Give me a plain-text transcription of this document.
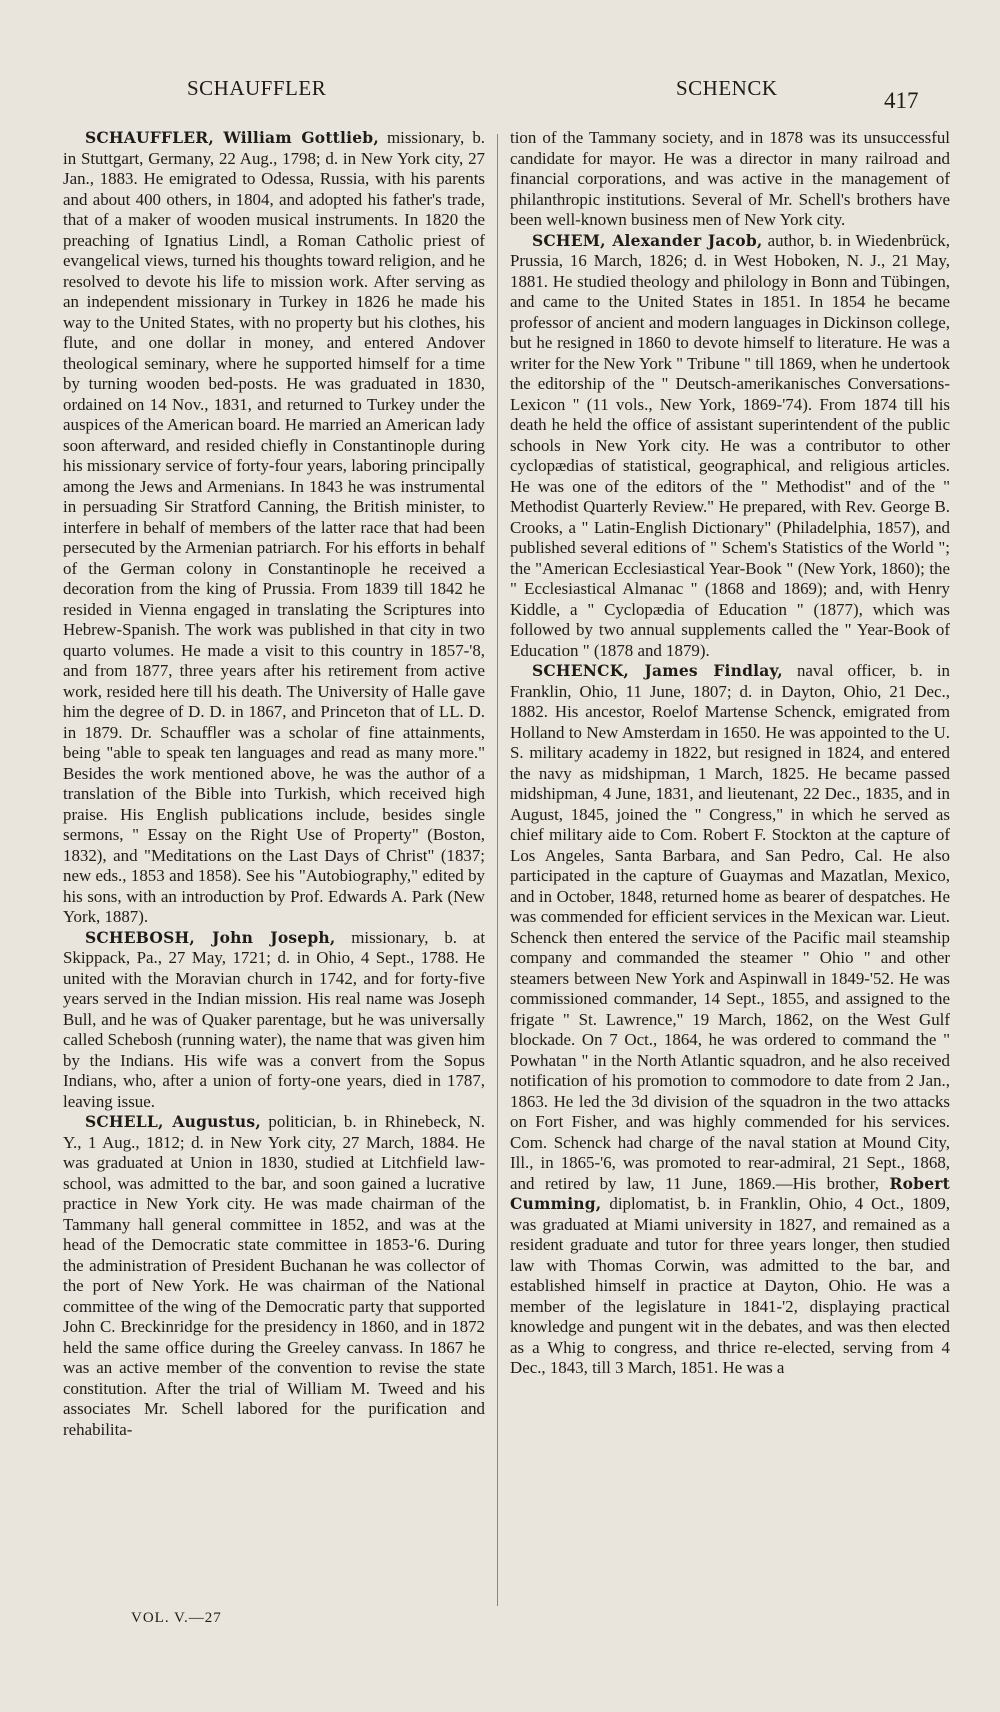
SCHAUFFLER	SCHENCK	417

SCHAUFFLER, William Gottlieb, missionary, b. in Stuttgart, Germany, 22 Aug., 1798; d. in New York city, 27 Jan., 1883. He emigrated to Odessa, Russia, with his parents and about 400 others, in 1804, and adopted his father's trade, that of a maker of wooden musical instruments. In 1820 the preaching of Ignatius Lindl, a Roman Catholic priest of evangelical views, turned his thoughts toward religion, and he resolved to devote his life to mission work. After serving as an independent missionary in Turkey in 1826 he made his way to the United States, with no property but his clothes, his flute, and one dollar in money, and entered Andover theological seminary, where he supported himself for a time by turning wooden bed-posts. He was graduated in 1830, ordained on 14 Nov., 1831, and returned to Turkey under the auspices of the American board. He married an American lady soon afterward, and resided chiefly in Constantinople during his missionary service of forty-four years, laboring principally among the Jews and Armenians. In 1843 he was instrumental in persuading Sir Stratford Canning, the British minister, to interfere in behalf of members of the latter race that had been persecuted by the Armenian patriarch. For his efforts in behalf of the German colony in Constantinople he received a decoration from the king of Prussia. From 1839 till 1842 he resided in Vienna engaged in translating the Scriptures into Hebrew-Spanish. The work was published in that city in two quarto volumes. He made a visit to this country in 1857-'8, and from 1877, three years after his retirement from active work, resided here till his death. The University of Halle gave him the degree of D. D. in 1867, and Princeton that of LL. D. in 1879. Dr. Schauffler was a scholar of fine attainments, being "able to speak ten languages and read as many more." Besides the work mentioned above, he was the author of a translation of the Bible into Turkish, which received high praise. His English publications include, besides single sermons, " Essay on the Right Use of Property" (Boston, 1832), and "Meditations on the Last Days of Christ" (1837; new eds., 1853 and 1858). See his "Autobiography," edited by his sons, with an introduction by Prof. Edwards A. Park (New York, 1887).

SCHEBOSH, John Joseph, missionary, b. at Skippack, Pa., 27 May, 1721; d. in Ohio, 4 Sept., 1788. He united with the Moravian church in 1742, and for forty-five years served in the Indian mission. His real name was Joseph Bull, and he was of Quaker parentage, but he was universally called Schebosh (running water), the name that was given him by the Indians. His wife was a convert from the Sopus Indians, who, after a union of forty-one years, died in 1787, leaving issue.

SCHELL, Augustus, politician, b. in Rhinebeck, N. Y., 1 Aug., 1812; d. in New York city, 27 March, 1884. He was graduated at Union in 1830, studied at Litchfield law-school, was admitted to the bar, and soon gained a lucrative practice in New York city. He was made chairman of the Tammany hall general committee in 1852, and was at the head of the Democratic state committee in 1853-'6. During the administration of President Buchanan he was collector of the port of New York. He was chairman of the National committee of the wing of the Democratic party that supported John C. Breckinridge for the presidency in 1860, and in 1872 held the same office during the Greeley canvass. In 1867 he was an active member of the convention to revise the state constitution. After the trial of William M. Tweed and his associates Mr. Schell labored for the purification and rehabilita-

tion of the Tammany society, and in 1878 was its unsuccessful candidate for mayor. He was a director in many railroad and financial corporations, and was active in the management of philanthropic institutions. Several of Mr. Schell's brothers have been well-known business men of New York city.

SCHEM, Alexander Jacob, author, b. in Wiedenbrück, Prussia, 16 March, 1826; d. in West Hoboken, N. J., 21 May, 1881. He studied theology and philology in Bonn and Tübingen, and came to the United States in 1851. In 1854 he became professor of ancient and modern languages in Dickinson college, but he resigned in 1860 to devote himself to literature. He was a writer for the New York " Tribune " till 1869, when he undertook the editorship of the " Deutsch-amerikanisches Conversations-Lexicon " (11 vols., New York, 1869-'74). From 1874 till his death he held the office of assistant superintendent of the public schools in New York city. He was a contributor to other cyclopædias of statistical, geographical, and religious articles. He was one of the editors of the " Methodist" and of the " Methodist Quarterly Review." He prepared, with Rev. George B. Crooks, a " Latin-English Dictionary" (Philadelphia, 1857), and published several editions of " Schem's Statistics of the World "; the "American Ecclesiastical Year-Book " (New York, 1860); the " Ecclesiastical Almanac " (1868 and 1869); and, with Henry Kiddle, a " Cyclopædia of Education " (1877), which was followed by two annual supplements called the " Year-Book of Education " (1878 and 1879).

SCHENCK, James Findlay, naval officer, b. in Franklin, Ohio, 11 June, 1807; d. in Dayton, Ohio, 21 Dec., 1882. His ancestor, Roelof Martense Schenck, emigrated from Holland to New Amsterdam in 1650. He was appointed to the U. S. military academy in 1822, but resigned in 1824, and entered the navy as midshipman, 1 March, 1825. He became passed midshipman, 4 June, 1831, and lieutenant, 22 Dec., 1835, and in August, 1845, joined the " Congress," in which he served as chief military aide to Com. Robert F. Stockton at the capture of Los Angeles, Santa Barbara, and San Pedro, Cal. He also participated in the capture of Guaymas and Mazatlan, Mexico, and in October, 1848, returned home as bearer of despatches. He was commended for efficient services in the Mexican war. Lieut. Schenck then entered the service of the Pacific mail steamship company and commanded the steamer " Ohio " and other steamers between New York and Aspinwall in 1849-'52. He was commissioned commander, 14 Sept., 1855, and assigned to the frigate " St. Lawrence," 19 March, 1862, on the West Gulf blockade. On 7 Oct., 1864, he was ordered to command the " Powhatan " in the North Atlantic squadron, and he also received notification of his promotion to commodore to date from 2 Jan., 1863. He led the 3d division of the squadron in the two attacks on Fort Fisher, and was highly commended for his services. Com. Schenck had charge of the naval station at Mound City, Ill., in 1865-'6, was promoted to rear-admiral, 21 Sept., 1868, and retired by law, 11 June, 1869.—His brother, Robert Cumming, diplomatist, b. in Franklin, Ohio, 4 Oct., 1809, was graduated at Miami university in 1827, and remained as a resident graduate and tutor for three years longer, then studied law with Thomas Corwin, was admitted to the bar, and established himself in practice at Dayton, Ohio. He was a member of the legislature in 1841-'2, displaying practical knowledge and pungent wit in the debates, and was then elected as a Whig to congress, and thrice re-elected, serving from 4 Dec., 1843, till 3 March, 1851. He was a

VOL. V.—27
